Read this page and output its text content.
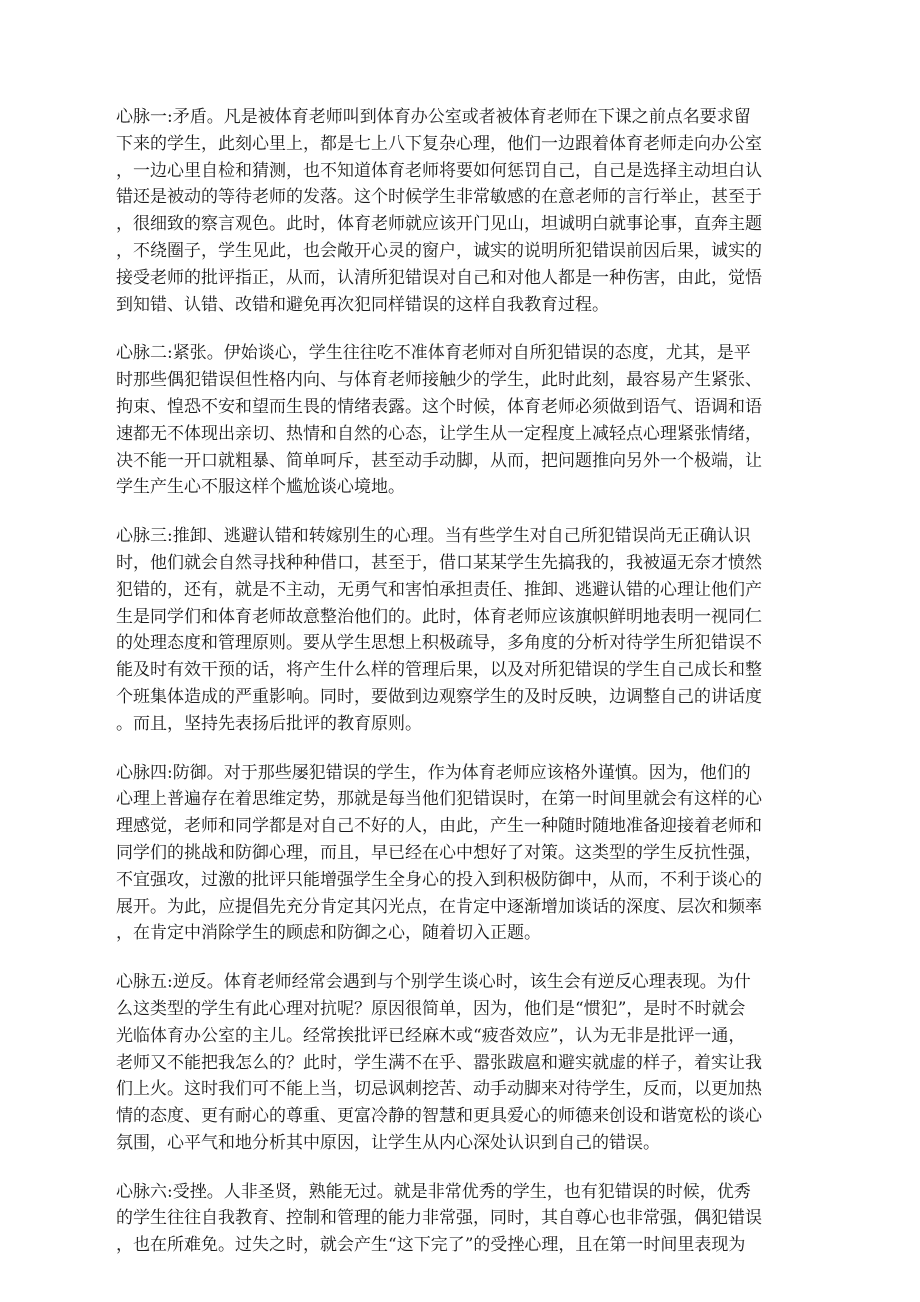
心脉一:矛盾。凡是被体育老师叫到体育办公室或者被体育老师在下课之前点名要求留
下来的学生，此刻心里上，都是七上八下复杂心理，他们一边跟着体育老师走向办公室
，一边心里自检和猜测，也不知道体育老师将要如何惩罚自己，自己是选择主动坦白认
错还是被动的等待老师的发落。这个时候学生非常敏感的在意老师的言行举止，甚至于
，很细致的察言观色。此时，体育老师就应该开门见山，坦诚明白就事论事，直奔主题
，不绕圈子，学生见此，也会敞开心灵的窗户，诚实的说明所犯错误前因后果，诚实的
接受老师的批评指正，从而，认清所犯错误对自己和对他人都是一种伤害，由此，觉悟
到知错、认错、改错和避免再次犯同样错误的这样自我教育过程。
心脉二:紧张。伊始谈心，学生往往吃不准体育老师对自所犯错误的态度，尤其，是平
时那些偶犯错误但性格内向、与体育老师接触少的学生，此时此刻，最容易产生紧张、
拘束、惶恐不安和望而生畏的情绪表露。这个时候，体育老师必须做到语气、语调和语
速都无不体现出亲切、热情和自然的心态，让学生从一定程度上减轻点心理紧张情绪，
决不能一开口就粗暴、简单呵斥，甚至动手动脚，从而，把问题推向另外一个极端，让
学生产生心不服这样个尴尬谈心境地。
心脉三:推卸、逃避认错和转嫁别生的心理。当有些学生对自己所犯错误尚无正确认识
时，他们就会自然寻找种种借口，甚至于，借口某某学生先搞我的，我被逼无奈才愤然
犯错的，还有，就是不主动，无勇气和害怕承担责任、推卸、逃避认错的心理让他们产
生是同学们和体育老师故意整治他们的。此时，体育老师应该旗帜鲜明地表明一视同仁
的处理态度和管理原则。要从学生思想上积极疏导，多角度的分析对待学生所犯错误不
能及时有效干预的话，将产生什么样的管理后果，以及对所犯错误的学生自己成长和整
个班集体造成的严重影响。同时，要做到边观察学生的及时反映，边调整自己的讲话度
。而且，坚持先表扬后批评的教育原则。
心脉四:防御。对于那些屡犯错误的学生，作为体育老师应该格外谨慎。因为，他们的
心理上普遍存在着思维定势，那就是每当他们犯错误时，在第一时间里就会有这样的心
理感觉，老师和同学都是对自己不好的人，由此，产生一种随时随地准备迎接着老师和
同学们的挑战和防御心理，而且，早已经在心中想好了对策。这类型的学生反抗性强，
不宜强攻，过激的批评只能增强学生全身心的投入到积极防御中，从而，不利于谈心的
展开。为此，应提倡先充分肯定其闪光点，在肯定中逐渐增加谈话的深度、层次和频率
，在肯定中消除学生的顾虑和防御之心，随着切入正题。
心脉五:逆反。体育老师经常会遇到与个别学生谈心时，该生会有逆反心理表现。为什
么这类型的学生有此心理对抗呢？原因很简单，因为，他们是“惯犯”，是时不时就会
光临体育办公室的主儿。经常挨批评已经麻木或“疲沓效应”，认为无非是批评一通，
老师又不能把我怎么的？此时，学生满不在乎、嚣张跋扈和避实就虚的样子，着实让我
们上火。这时我们可不能上当，切忌讽刺挖苦、动手动脚来对待学生，反而，以更加热
情的态度、更有耐心的尊重、更富冷静的智慧和更具爱心的师德来创设和谐宽松的谈心
氛围，心平气和地分析其中原因，让学生从内心深处认识到自己的错误。
心脉六:受挫。人非圣贤，熟能无过。就是非常优秀的学生，也有犯错误的时候，优秀
的学生往往自我教育、控制和管理的能力非常强，同时，其自尊心也非常强，偶犯错误
，也在所难免。过失之时，就会产生“这下完了”的受挫心理，且在第一时间里表现为
